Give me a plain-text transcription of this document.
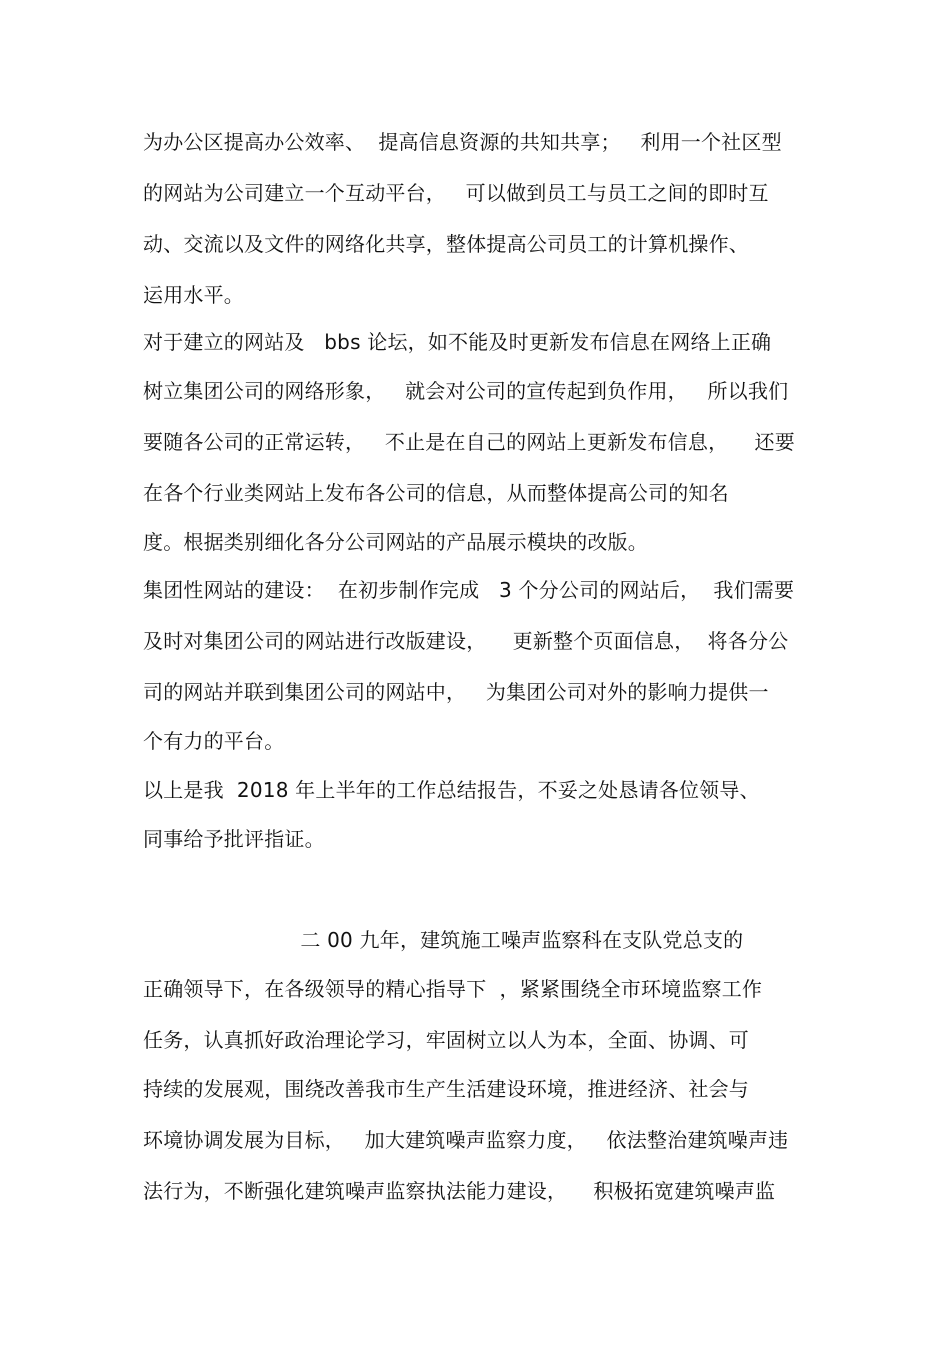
为办公区提高办公效率、  提高信息资源的共知共享；   利用一个社区型
的网站为公司建立一个互动平台，   可以做到员工与员工之间的即时互
动、交流以及文件的网络化共享，整体提高公司员工的计算机操作、
运用水平。
对于建立的网站及   bbs 论坛，如不能及时更新发布信息在网络上正确
树立集团公司的网络形象，   就会对公司的宣传起到负作用，   所以我们
要随各公司的正常运转，   不止是在自己的网站上更新发布信息，    还要
在各个行业类网站上发布各公司的信息，从而整体提高公司的知名
度。根据类别细化各分公司网站的产品展示模块的改版。
集团性网站的建设：  在初步制作完成   3 个分公司的网站后，  我们需要
及时对集团公司的网站进行改版建设，    更新整个页面信息，  将各分公
司的网站并联到集团公司的网站中，   为集团公司对外的影响力提供一
个有力的平台。
以上是我  2018 年上半年的工作总结报告，不妥之处恳请各位领导、
同事给予批评指证。
二 00 九年，建筑施工噪声监察科在支队党总支的
正确领导下，在各级领导的精心指导下  ，紧紧围绕全市环境监察工作
任务，认真抓好政治理论学习，牢固树立以人为本，全面、协调、可
持续的发展观，围绕改善我市生产生活建设环境，推进经济、社会与
环境协调发展为目标，   加大建筑噪声监察力度，   依法整治建筑噪声违
法行为，不断强化建筑噪声监察执法能力建设，    积极拓宽建筑噪声监
